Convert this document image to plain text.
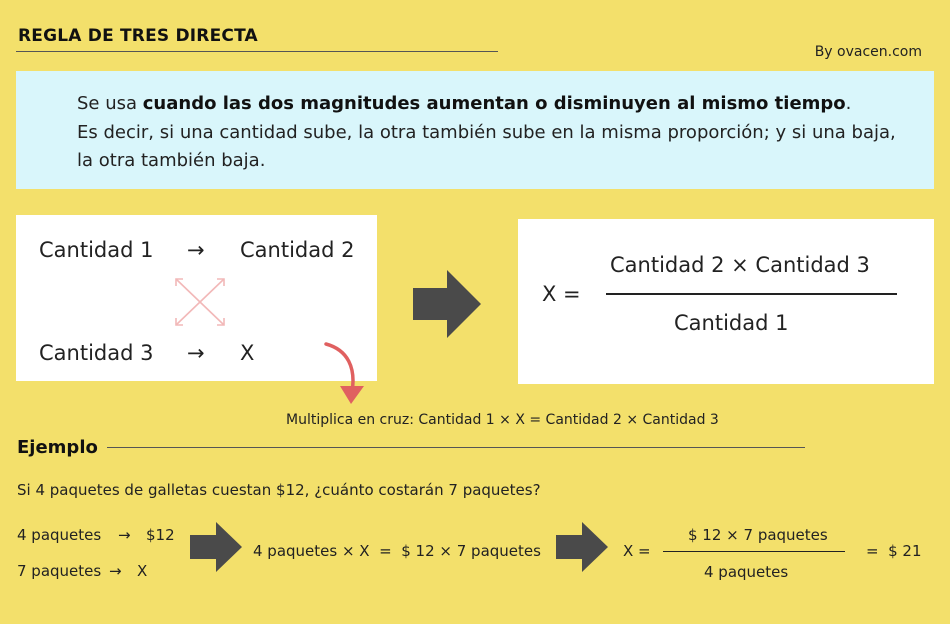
REGLA DE TRES DIRECTA
By ovacen.com
Se usa cuando las dos magnitudes aumentan o disminuyen al mismo tiempo.
Es decir, si una cantidad sube, la otra también sube en la misma proporción; y si una baja, la otra también baja.
Cantidad 1 → Cantidad 2
Cantidad 3 → X
X =
Cantidad 2 × Cantidad 3
Cantidad 1
Multiplica en cruz: Cantidad 1 × X = Cantidad 2 × Cantidad 3
Ejemplo
Si 4 paquetes de galletas cuestan $12, ¿cuánto costarán 7 paquetes?
4 paquetes → $12
7 paquetes → X
4 paquetes × X  =  $ 12 × 7 paquetes	X =
$ 12 × 7 paquetes
4 paquetes
=  $ 21
